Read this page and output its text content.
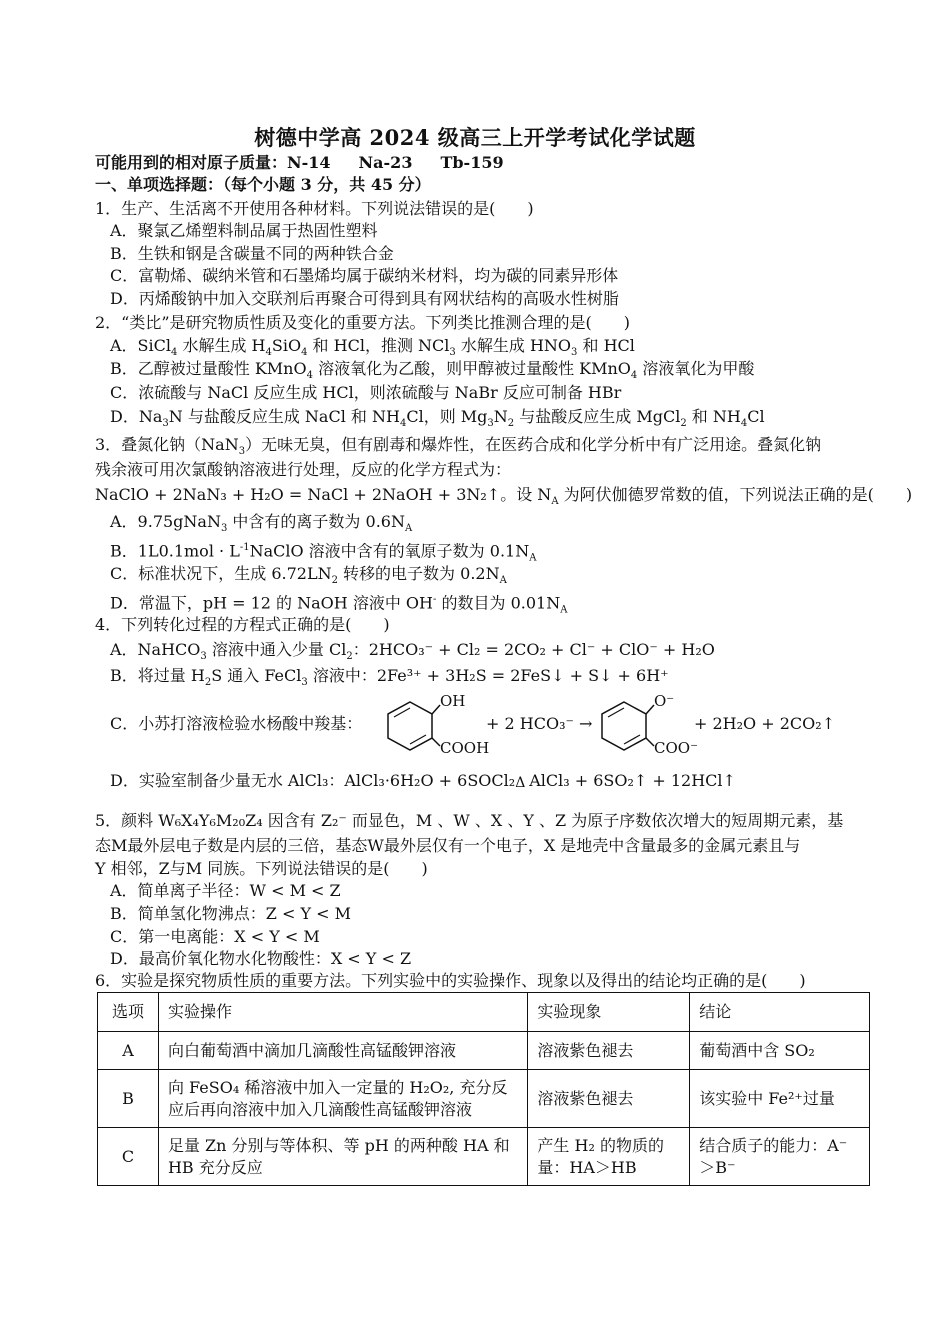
树德中学高 2024 级高三上开学考试化学试题
可能用到的相对原子质量：N-14 Na-23 Tb-159
一、单项选择题：（每个小题 3 分，共 45 分）
1．生产、生活离不开使用各种材料。下列说法错误的是(　　)
A．聚氯乙烯塑料制品属于热固性塑料
B．生铁和钢是含碳量不同的两种铁合金
C．富勒烯、碳纳米管和石墨烯均属于碳纳米材料，均为碳的同素异形体
D．丙烯酸钠中加入交联剂后再聚合可得到具有网状结构的高吸水性树脂
2．“类比”是研究物质性质及变化的重要方法。下列类比推测合理的是(　　)
A．SiCl$_4$ 水解生成 $H_4SiO_4$ 和 HCl，推测 NCl$_3$ 水解生成 $HNO_3$ 和 HCl
B．乙醇被过量酸性 KMnO$_4$ 溶液氧化为乙酸，则甲醇被过量酸性 KMnO$_4$ 溶液氧化为甲酸
C．浓硫酸与 NaCl 反应生成 HCl，则浓硫酸与 NaBr 反应可制备 HBr
D．$Na_3N$ 与盐酸反应生成 NaCl 和 $NH_4Cl$，则 $Mg_3N_2$ 与盐酸反应生成 MgCl$_2$ 和 $NH_4Cl$
3．叠氮化钠（NaN$_3$）无味无臭，但有剧毒和爆炸性，在医药合成和化学分析中有广泛用途。叠氮化钠
残余液可用次氯酸钠溶液进行处理，反应的化学方程式为：
NaClO + 2NaN₃ + H₂O = NaCl + 2NaOH + 3N₂↑。设 $N_A$ 为阿伏伽德罗常数的值，下列说法正确的是(　　)
A．9.75gNaN$_3$ 中含有的离子数为 $0.6N_A$
B．$1L0.1mol \cdot L^{-1}NaClO$ 溶液中含有的氧原子数为 $0.1N_A$
C．标准状况下，生成 $6.72LN_2$ 转移的电子数为 $0.2N_A$
D．常温下，pH = 12 的 NaOH 溶液中 OH- 的数目为 $0.01N_A$
4．下列转化过程的方程式正确的是(　　)
A．NaHCO$_3$ 溶液中通入少量 $Cl_2$：2HCO₃⁻ + Cl₂ = 2CO₂ + Cl⁻ + ClO⁻ + H₂O
B．将过量 $H_2S$ 通入 FeCl$_3$ 溶液中：2Fe³⁺ + 3H₂S = 2FeS↓ + S↓ + 6H⁺
C．小苏打溶液检验水杨酸中羧基：
OH
COOH
+ 2 HCO₃⁻ →
O⁻
COO⁻
+ 2H₂O + 2CO₂↑
D．实验室制备少量无水 AlCl₃：AlCl₃·6H₂O + 6SOCl₂ Δ AlCl₃ + 6SO₂↑ + 12HCl↑
5．颜料 W₆X₄Y₆M₂₀Z₄ 因含有 Z₂⁻ 而显色，M 、W 、X 、Y 、Z 为原子序数依次增大的短周期元素，基
态M最外层电子数是内层的三倍，基态W最外层仅有一个电子，X 是地壳中含量最多的金属元素且与
Y 相邻，Z与M 同族。下列说法错误的是(　　)
A．简单离子半径：W < M < Z
B．简单氢化物沸点：Z < Y < M
C．第一电离能：X < Y < M
D．最高价氧化物水化物酸性：X < Y < Z
6．实验是探究物质性质的重要方法。下列实验中的实验操作、现象以及得出的结论均正确的是(　　)
选项	实验操作	实验现象	结论
A	向白葡萄酒中滴加几滴酸性高锰酸钾溶液	溶液紫色褪去	葡萄酒中含 SO₂
B	向 FeSO₄ 稀溶液中加入一定量的 H₂O₂, 充分反应后再向溶液中加入几滴酸性高锰酸钾溶液	溶液紫色褪去	该实验中 Fe²⁺过量
C	足量 Zn 分别与等体积、等 pH 的两种酸 HA 和 HB 充分反应	产生 H₂ 的物质的量：HA＞HB	结合质子的能力：A⁻＞B⁻
